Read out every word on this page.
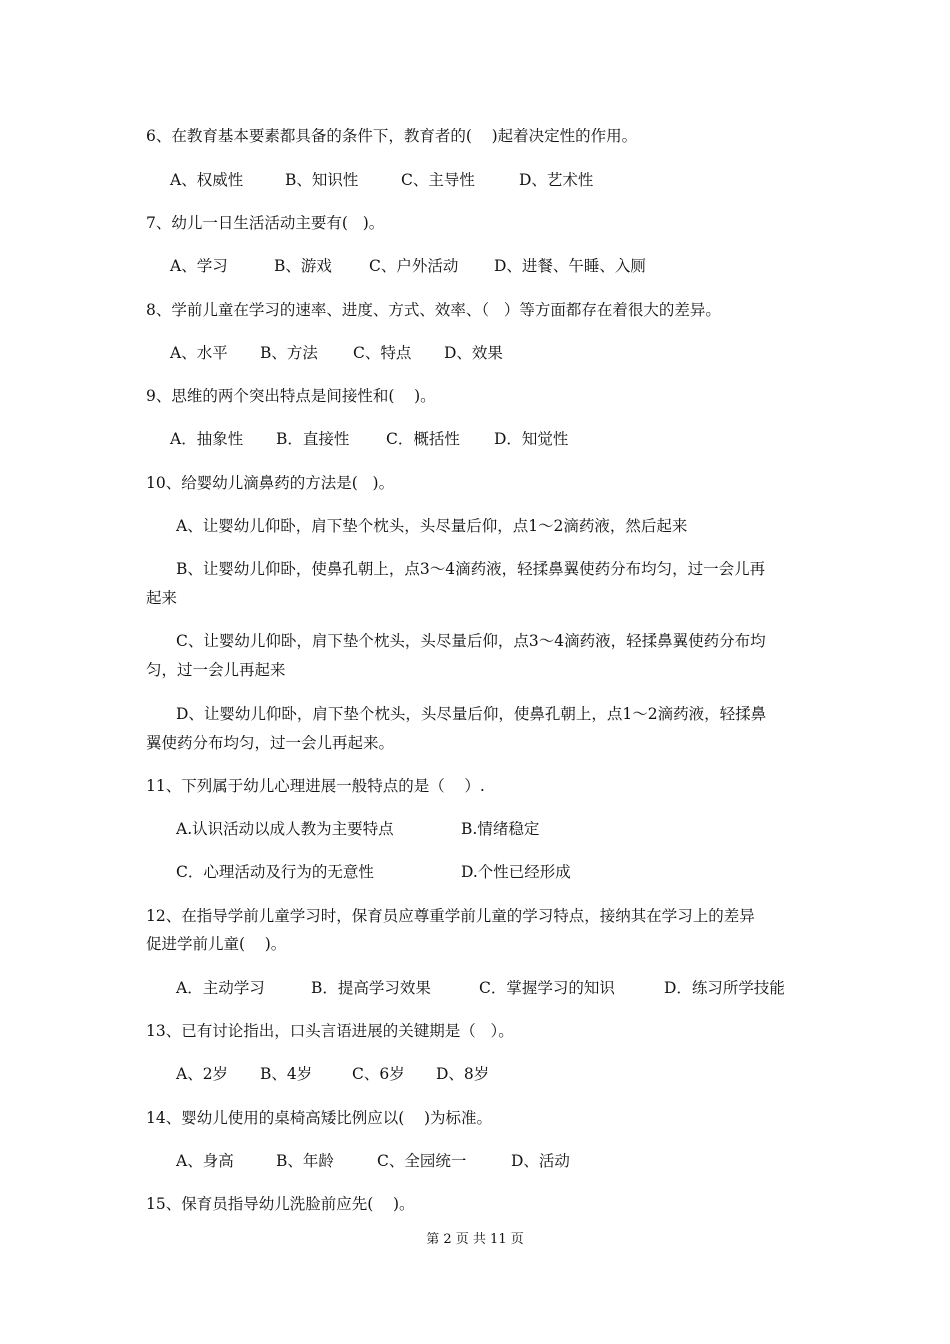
6、在教育基本要素都具备的条件下，教育者的(    )起着决定性的作用。
A、权威性	B、知识性	C、主导性	D、艺术性
7、幼儿一日生活活动主要有(   )。
A、学习	B、游戏 C、户外活动 D、进餐、午睡、入厕
8、学前儿童在学习的速率、进度、方式、效率、（   ）等方面都存在着很大的差异。
A、水平 B、方法 C、特点 D、效果
9、思维的两个突出特点是间接性和(    )。
A．抽象性 B．直接性 C．概括性 D．知觉性
10、给婴幼儿滴鼻药的方法是(   )。
A、让婴幼儿仰卧，肩下垫个枕头，头尽量后仰，点1～2滴药液，然后起来
B、让婴幼儿仰卧，使鼻孔朝上，点3～4滴药液，轻揉鼻翼使药分布均匀，过一会儿再
起来
C、让婴幼儿仰卧，肩下垫个枕头，头尽量后仰，点3～4滴药液，轻揉鼻翼使药分布均
匀，过一会儿再起来
D、让婴幼儿仰卧，肩下垫个枕头，头尽量后仰，使鼻孔朝上，点1～2滴药液，轻揉鼻
翼使药分布均匀，过一会儿再起来。
11、下列属于幼儿心理进展一般特点的是（    ）.
A.认识活动以成人教为主要特点	B.情绪稳定
C．心理活动及行为的无意性	D.个性已经形成
12、在指导学前儿童学习时，保育员应尊重学前儿童的学习特点，接纳其在学习上的差异
促进学前儿童(    )。
A．主动学习	B．提高学习效果	C．掌握学习的知识	D．练习所学技能
13、已有讨论指出，口头言语进展的关键期是（   ）。
A、2岁 B、4岁	C、6岁 D、8岁
14、婴幼儿使用的桌椅高矮比例应以(    )为标准。
A、身高	B、年龄	C、全园统一	D、活动
15、保育员指导幼儿洗脸前应先(    )。
第 2 页 共 11 页
